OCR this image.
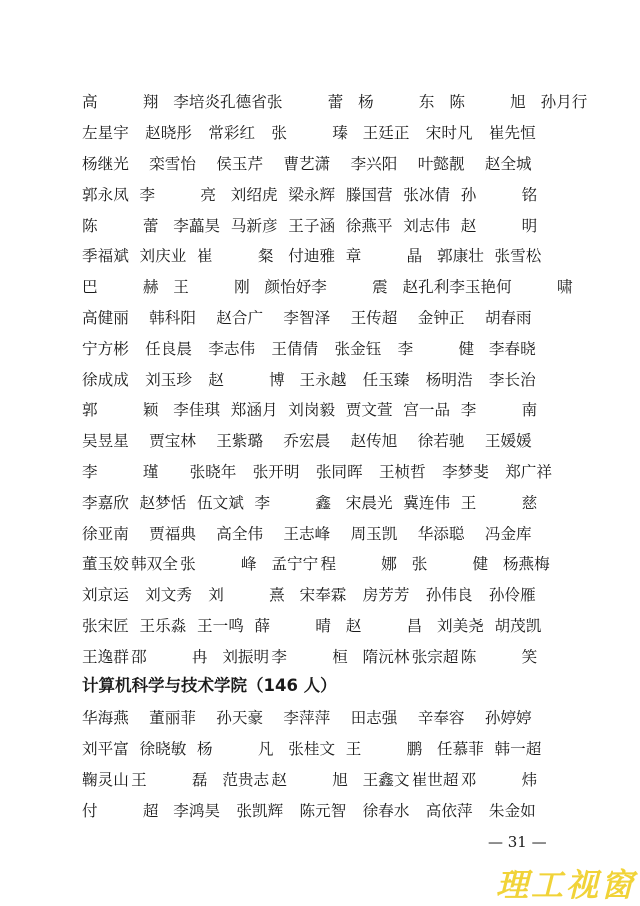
高　翔 李培炎 孔德省 张　蕾 杨　东 陈　旭 孙月行
左星宇	赵晓彤	常彩红	张　瑧 王廷正	宋时凡	崔先恒
杨继光	栾雪怡	侯玉芹	曹艺潇	李兴阳	叶懿靓	赵全城
郭永凤 李　亮 刘绍虎 梁永辉 滕国营 张冰倩 孙　铭
陈　蕾 李藟昊 马新彦 王子涵 徐燕平 刘志伟 赵　明
季福斌 刘庆业 崔　粲 付迪雅 章　晶 郭康壮 张雪松
巴　赫 王　刚 颜怡妤 李　震 赵孔利 李玉艳 何　啸
高健丽	韩科阳	赵合广	李智泽	王传超	金钟正	胡春雨
宁方彬	任良晨	李志伟	王倩倩	张金钰	李　健 李春晓
徐成成	刘玉珍	赵　博 王永越	任玉臻	杨明浩	李长治
郭　颖 李佳琪 郑涵月 刘岗毅 贾文萱 宫一品 李　南
吴昱星	贾宝林	王紫璐	乔宏晨	赵传旭	徐若驰	王媛媛
李　瑾 张晓年 张开明 张同晖 王桢哲 李梦斐 郑广祥
李嘉欣 赵梦恬 伍文斌 李　鑫 宋晨光 冀连伟 王　慈
徐亚南	贾福典	高全伟	王志峰	周玉凯	华添聪	冯金库
董玉姣 韩双全 张　峰 孟宁宁 程　娜 张　健 杨燕梅
刘京运	刘文秀	刘　熹 宋奉霖	房芳芳	孙伟良	孙伶雁
张宋匠 王乐淼 王一鸣 薛　晴 赵　昌 刘美尧 胡茂凯
王逸群 邵　冉 刘振明 李　桓 隋沅林 张宗超 陈　笑
计算机科学与技术学院（146 人）
华海燕	董丽菲	孙天豪	李萍萍	田志强	辛奉容	孙婷婷
刘平富 徐晓敏 杨　凡 张桂文 王　鹏 任慕菲 韩一超
鞠灵山 王　磊 范贵志 赵　旭 王鑫文 崔世超 邓　炜
付　超 李鸿昊	张凯辉	陈元智	徐春水	高依萍	朱金如
— 31 —
理工视窗
